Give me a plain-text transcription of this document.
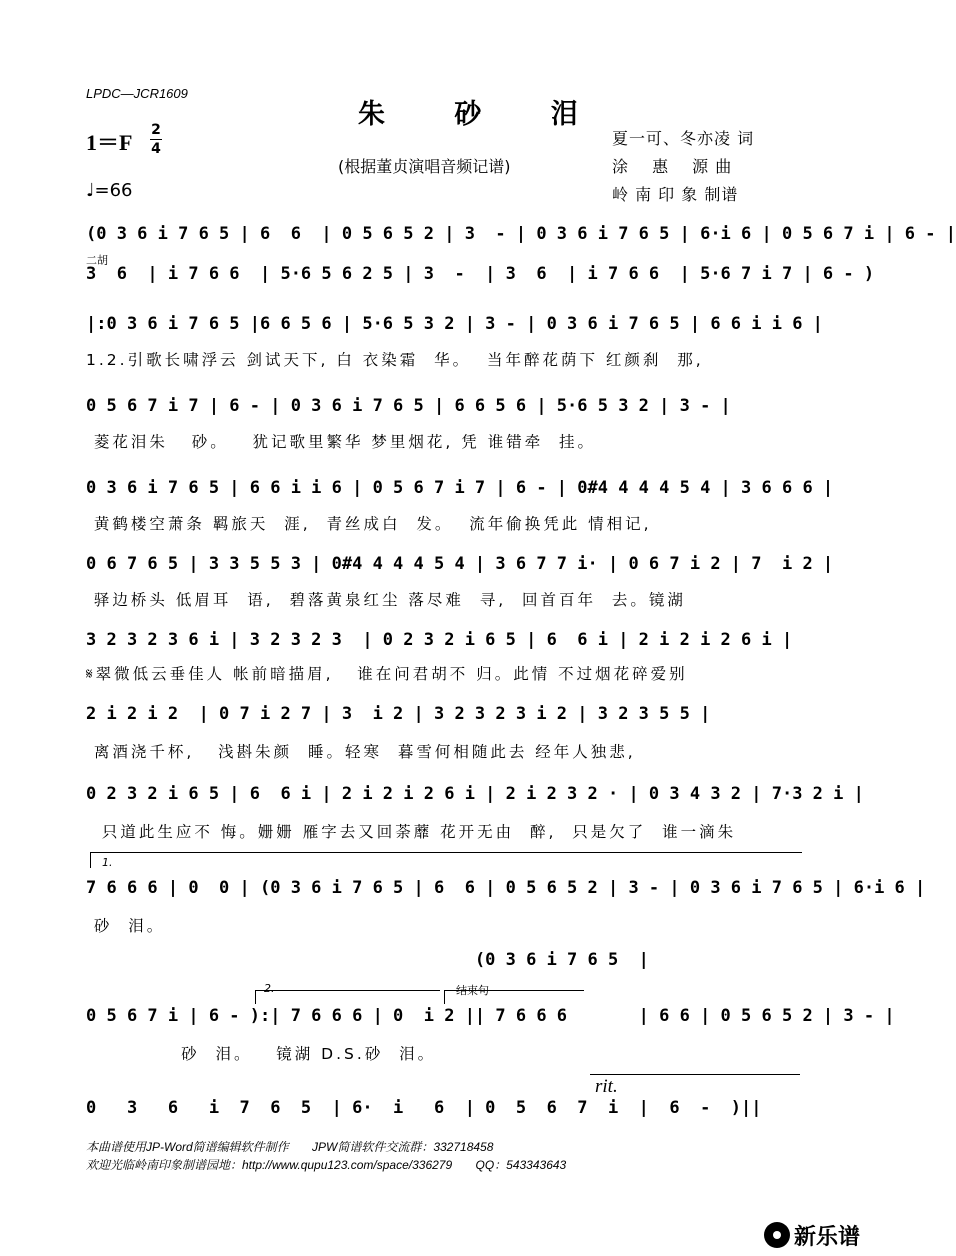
LPDC—JCR1609
朱 砂 泪
1＝F 2
4
(根据董贞演唱音频记谱)
♩=66
夏一可、冬亦凌 词
涂　 惠　 源 曲
岭 南 印 象 制谱
(0 3 6 i 7 6 5 | 6  6  | 0 5 6 5 2 | 3  - | 0 3 6 i 7 6 5 | 6·i 6 | 0 5 6 7 i | 6 - |
二胡
3  6  | i 7 6 6  | 5·6 5 6 2 5 | 3  -  | 3  6  | i 7 6 6  | 5·6 7 i 7 | 6 - )
|:0 3 6 i 7 6 5 |6 6 5 6 | 5·6 5 3 2 | 3 - | 0 3 6 i 7 6 5 | 6 6 i i 6 |
1.2.引歌长啸浮云 剑试天下, 白 衣染霜  华。  当年醉花荫下 红颜刹  那,
0 5 6 7 i 7 | 6 - | 0 3 6 i 7 6 5 | 6 6 5 6 | 5·6 5 3 2 | 3 - |
菱花泪朱   砂。   犹记歌里繁华 梦里烟花, 凭 谁错牵  挂。
0 3 6 i 7 6 5 | 6 6 i i 6 | 0 5 6 7 i 7 | 6 - | 0#4 4 4 4 5 4 | 3 6 6 6 |
黄鹤楼空萧条 羁旅天  涯,  青丝成白  发。  流年偷换凭此 情相记,
0 6 7 6 5 | 3 3 5 5 3 | 0#4 4 4 4 5 4 | 3 6 7 7 i· | 0 6 7 i 2 | 7  i 2 |
驿边桥头 低眉耳  语,  碧落黄泉红尘 落尽难  寻,  回首百年  去。镜湖
3 2 3 2 3 6 i | 3 2 3 2 3  | 0 2 3 2 i 6 5 | 6  6 i | 2 i 2 i 2 6 i |
𝄋翠微低云垂佳人 帐前暗描眉,   谁在问君胡不 归。此情 不过烟花碎爱别
2 i 2 i 2  | 0 7 i 2 7 | 3  i 2 | 3 2 3 2 3 i 2 | 3 2 3 5 5 |
离酒浇千杯,   浅斟朱颜  睡。轻寒  暮雪何相随此去 经年人独悲,
0 2 3 2 i 6 5 | 6  6 i | 2 i 2 i 2 6 i | 2 i 2 3 2 · | 0 3 4 3 2 | 7·3 2 i |
只道此生应不 悔。姗姗 雁字去又回荼蘼 花开无由  醉,  只是欠了  谁一滴朱
1.
7 6 6 6 | 0  0 | (0 3 6 i 7 6 5 | 6  6 | 0 5 6 5 2 | 3 - | 0 3 6 i 7 6 5 | 6·i 6 |
砂  泪。
(0 3 6 i 7 6 5  |
2.	结束句
0 5 6 7 i | 6 - ):| 7 6 6 6 | 0  i 2 || 7 6 6 6       | 6 6 | 0 5 6 5 2 | 3 - |
砂  泪。   镜湖 D.S.砂  泪。
rit.
0   3   6   i  7  6  5  | 6·  i   6  | 0  5  6  7  i  |  6  -  )||
本曲谱使用JP-Word简谱编辑软件制作       JPW简谱软件交流群：332718458
欢迎光临岭南印象制谱园地：http://www.qupu123.com/space/336279       QQ：543343643
新乐谱
